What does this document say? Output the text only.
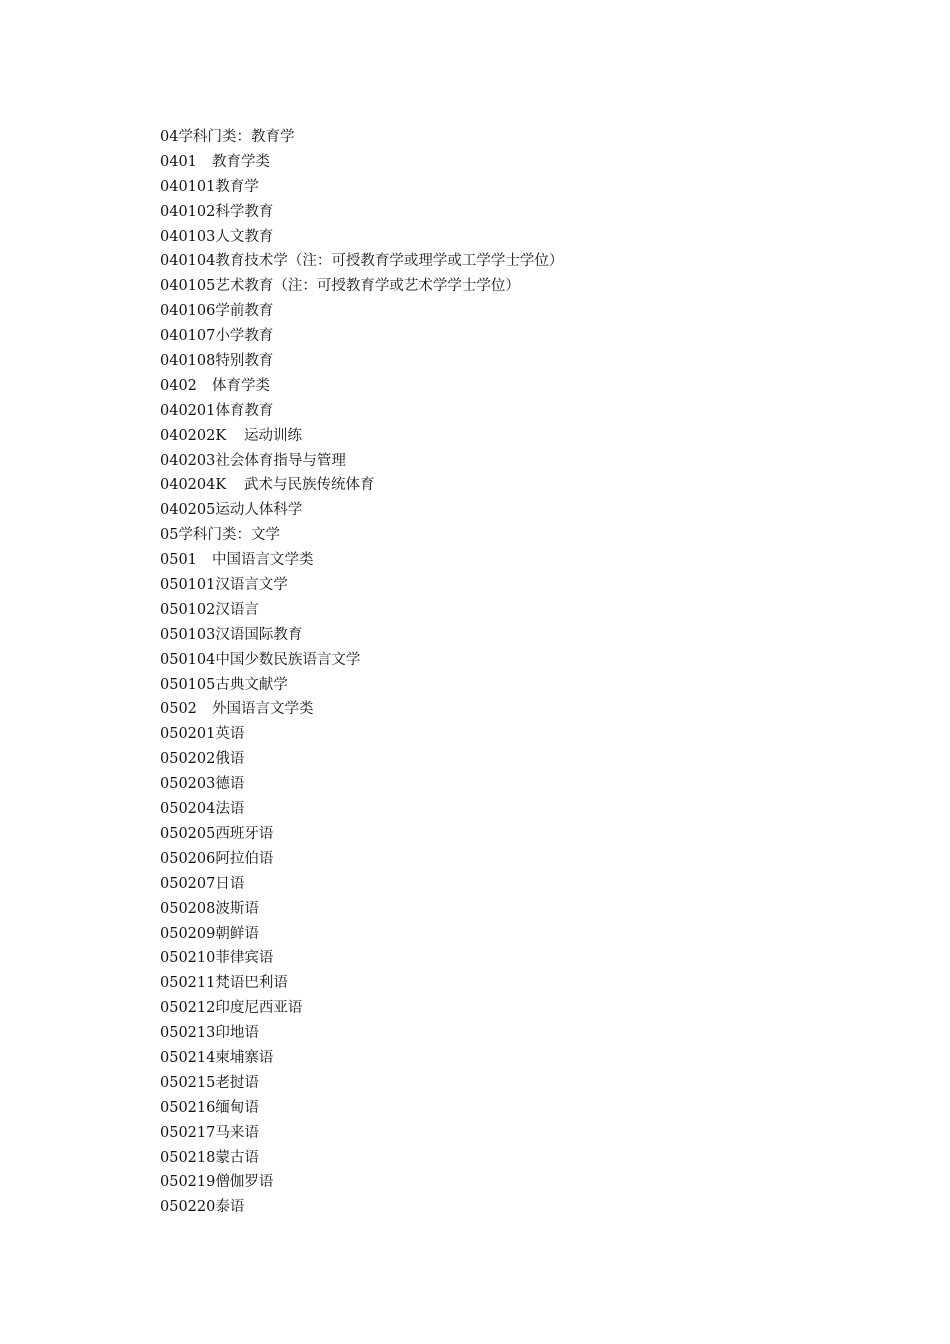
04 学科门类：教育学
0401	教育学类
040101 教育学
040102 科学教育
040103 人文教育
040104 教育技术学（注：可授教育学或理学或工学学士学位）
040105 艺术教育（注：可授教育学或艺术学学士学位）
040106 学前教育
040107 小学教育
040108 特别教育
0402	体育学类
040201 体育教育
040202K	运动训练
040203 社会体育指导与管理
040204K	武术与民族传统体育
040205 运动人体科学
05 学科门类：文学
0501	中国语言文学类
050101 汉语言文学
050102 汉语言
050103 汉语国际教育
050104 中国少数民族语言文学
050105 古典文献学
0502	外国语言文学类
050201 英语
050202 俄语
050203 德语
050204 法语
050205 西班牙语
050206 阿拉伯语
050207 日语
050208 波斯语
050209 朝鲜语
050210 菲律宾语
050211 梵语巴利语
050212 印度尼西亚语
050213 印地语
050214 柬埔寨语
050215 老挝语
050216 缅甸语
050217 马来语
050218 蒙古语
050219 僧伽罗语
050220 泰语
